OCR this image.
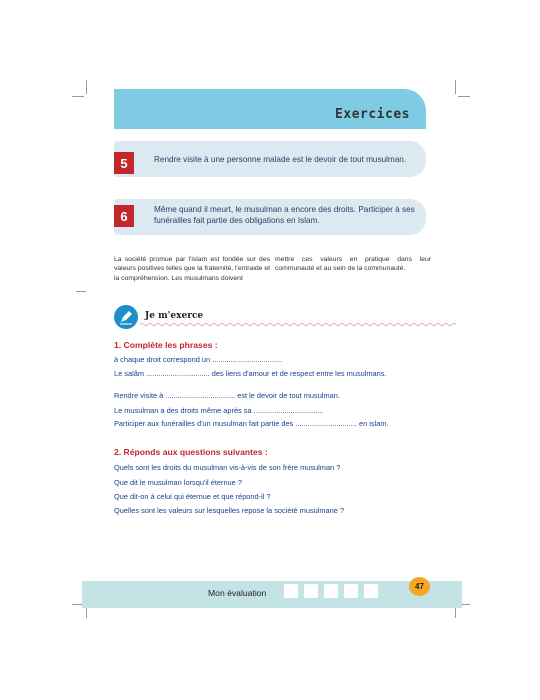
Exercices
5	Rendre visite à une personne malade est le devoir de tout musulman.
6	Même quand il meurt, le musulman a encore des droits. Participer à ses funérailles fait partie des obligations en Islam.
La société promue par l'islam est fondée sur des valeurs positives telles que la fraternité, l'entraide et la compréhension. Les musulmans doivent
mettre ces valeurs en pratique dans leur communauté et au sein de la communauté.
Je m'exerce
1. Complète les phrases :
à chaque droit correspond un ..................................
Le salâm ............................... des liens d'amour et de respect entre les musulmans.
Rendre visite à .................................. est le devoir de tout musulman.
Le musulman a des droits même après sa ..................................
Participer aux funérailles d'un musulman fait partie des .............................. en islam.
2. Réponds aux questions suivantes :
Quels sont les droits du musulman vis-à-vis de son frère musulman ?
Que dit le musulman lorsqu'il éternue ?
Que dit-on à celui qui éternue et que répond-il ?
Quelles sont les valeurs sur lesquelles repose la société musulmane ?
Mon évaluation
47
